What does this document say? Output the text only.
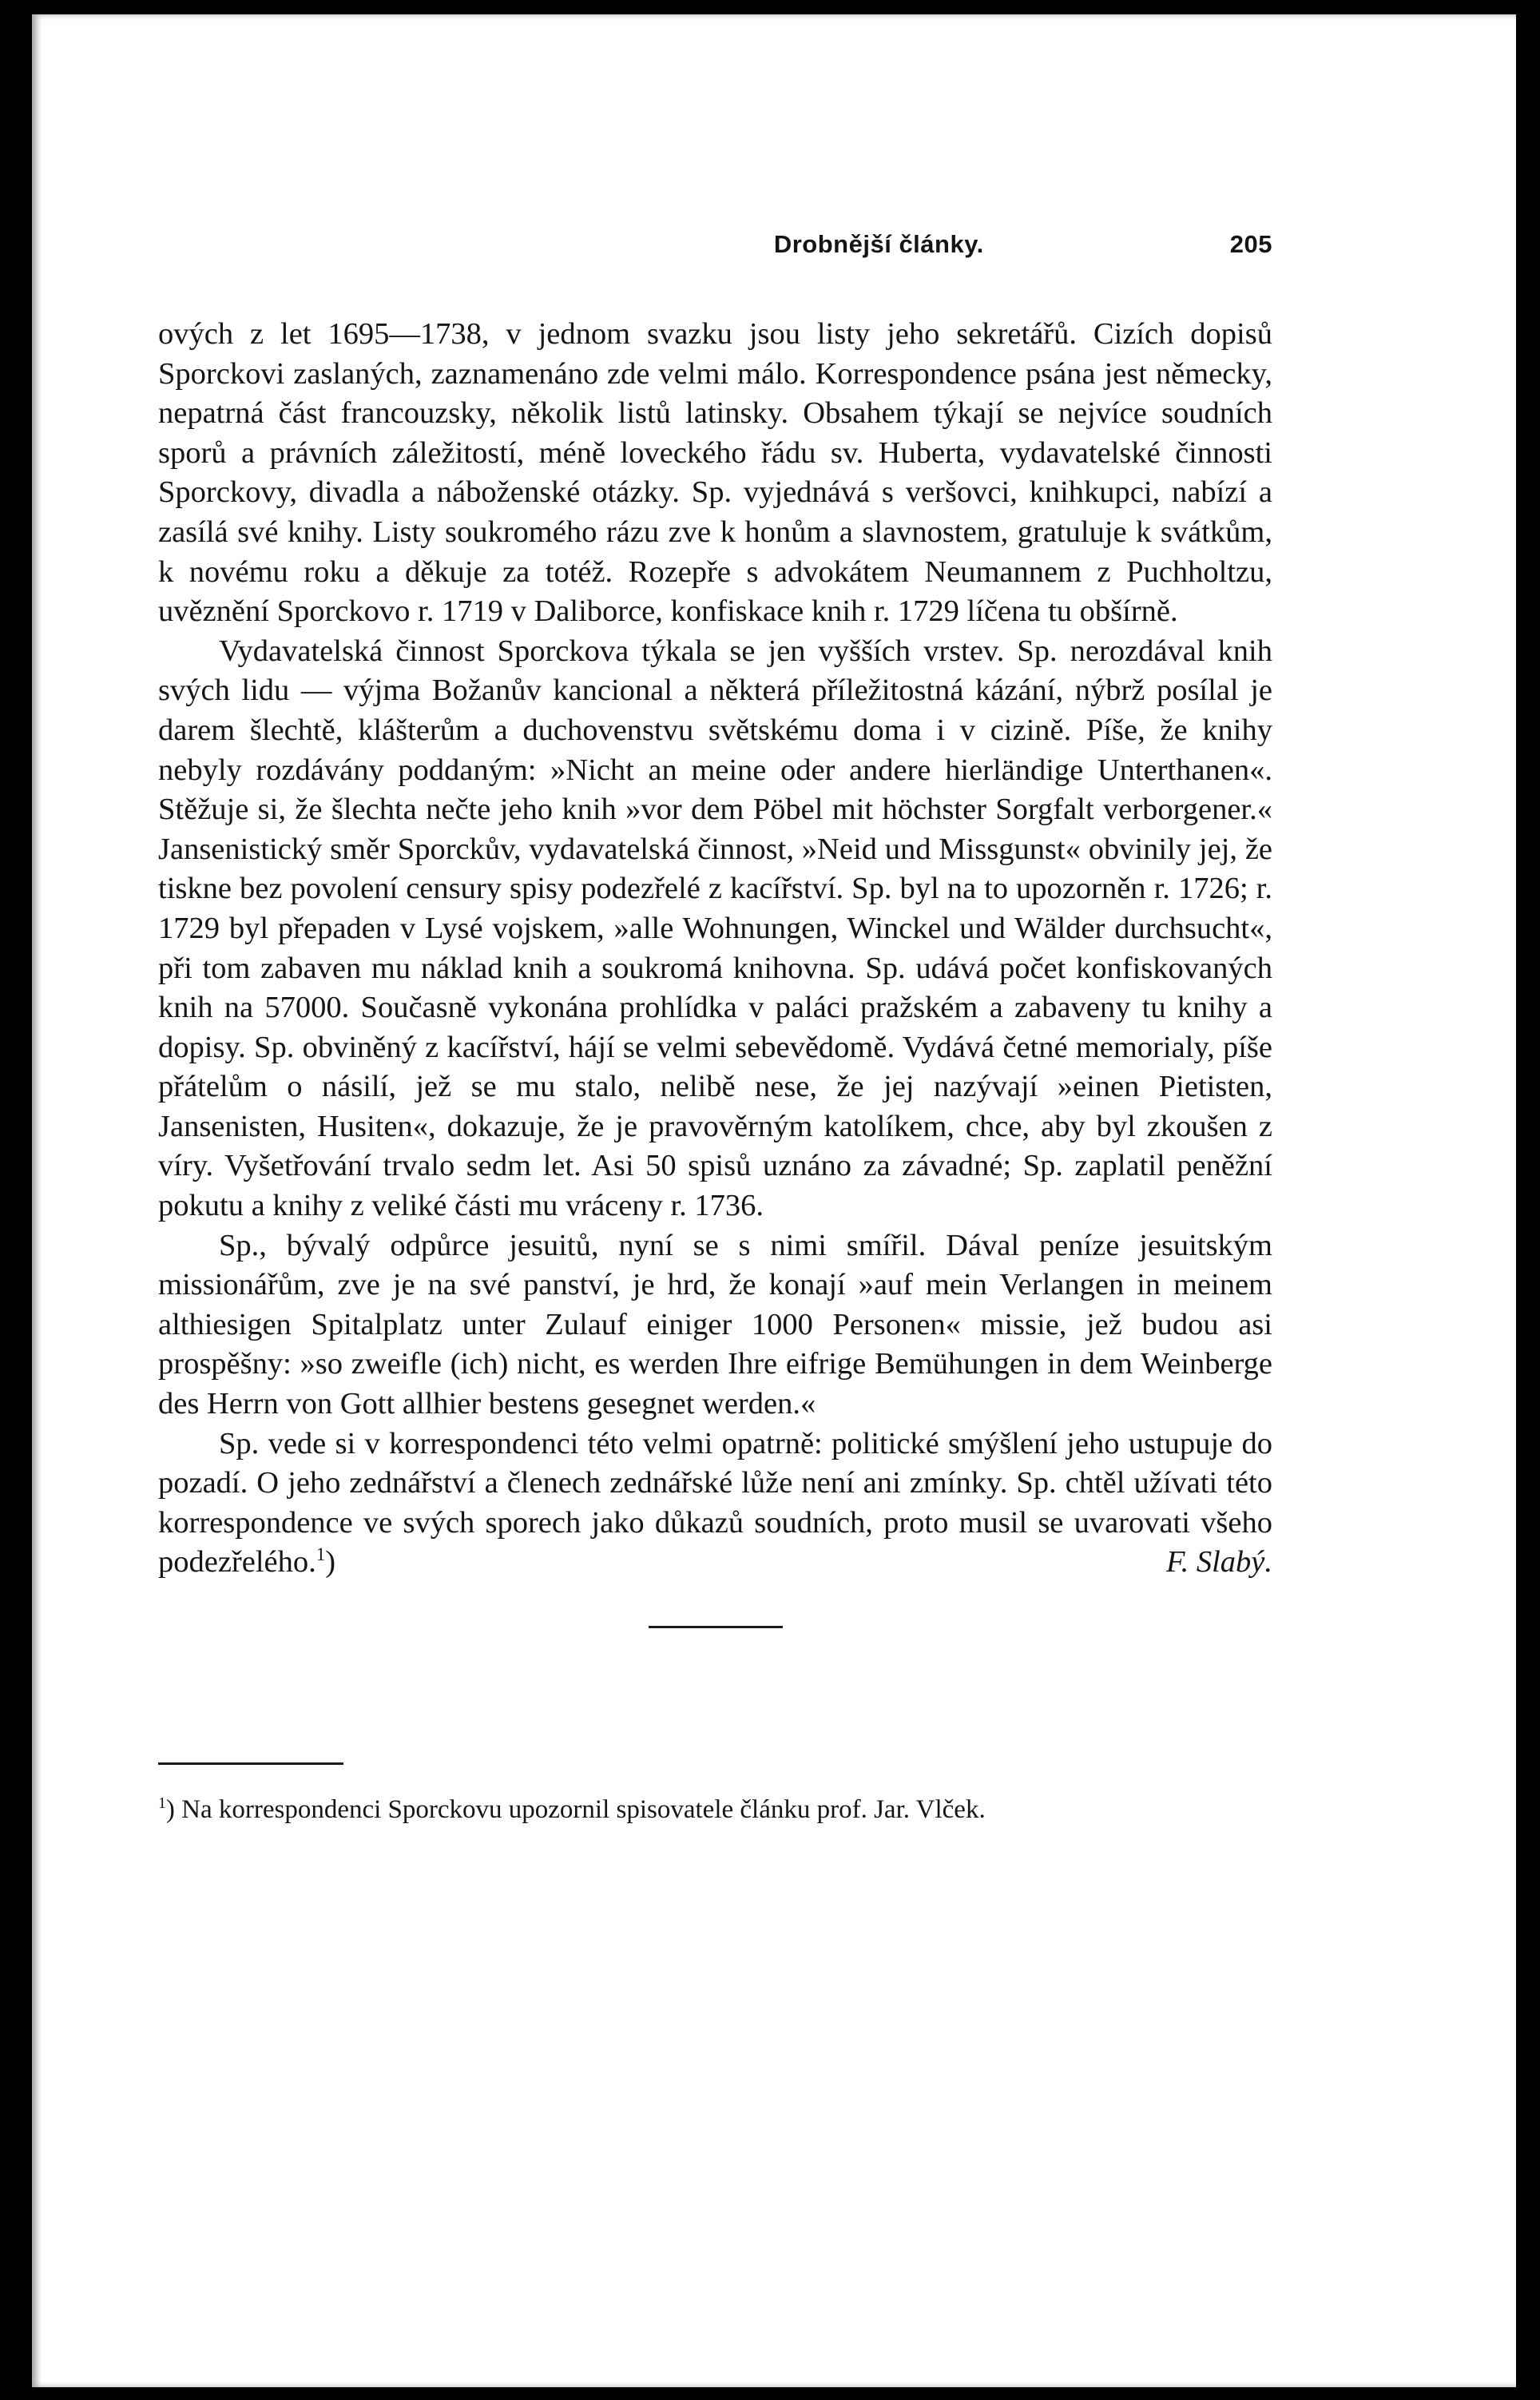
Drobnější články.	205

ových z let 1695—1738, v jednom svazku jsou listy jeho sekretářů. Cizích dopisů Sporckovi zaslaných, zaznamenáno zde velmi málo. Korrespondence psána jest německy, nepatrná část francouzsky, několik listů latinsky. Obsahem týkají se nejvíce soudních sporů a právních záležitostí, méně loveckého řádu sv. Huberta, vydavatelské činnosti Sporckovy, divadla a náboženské otázky. Sp. vyjednává s veršovci, knihkupci, nabízí a zasílá své knihy. Listy soukromého rázu zve k honům a slavnostem, gratuluje k svátkům, k novému roku a děkuje za totéž. Rozepře s advokátem Neumannem z Puchholtzu, uvěznění Sporckovo r. 1719 v Daliborce, konfiskace knih r. 1729 líčena tu obšírně.

Vydavatelská činnost Sporckova týkala se jen vyšších vrstev. Sp. nerozdával knih svých lidu — výjma Božanův kancional a některá příležitostná kázání, nýbrž posílal je darem šlechtě, klášterům a duchovenstvu světskému doma i v cizině. Píše, že knihy nebyly rozdávány poddaným: »Nicht an meine oder andere hierländige Unterthanen«. Stěžuje si, že šlechta nečte jeho knih »vor dem Pöbel mit höchster Sorgfalt verborgener.« Jansenistický směr Sporckův, vydavatelská činnost, »Neid und Missgunst« obvinily jej, že tiskne bez povolení censury spisy podezřelé z kacířství. Sp. byl na to upozorněn r. 1726; r. 1729 byl přepaden v Lysé vojskem, »alle Wohnungen, Winckel und Wälder durchsucht«, při tom zabaven mu náklad knih a soukromá knihovna. Sp. udává počet konfiskovaných knih na 57000. Současně vykonána prohlídka v paláci pražském a zabaveny tu knihy a dopisy. Sp. obviněný z kacířství, hájí se velmi sebevědomě. Vydává četné memorialy, píše přátelům o násilí, jež se mu stalo, nelibě nese, že jej nazývají »einen Pietisten, Jansenisten, Husiten«, dokazuje, že je pravověrným katolíkem, chce, aby byl zkoušen z víry. Vyšetřování trvalo sedm let. Asi 50 spisů uznáno za závadné; Sp. zaplatil peněžní pokutu a knihy z veliké části mu vráceny r. 1736.

Sp., bývalý odpůrce jesuitů, nyní se s nimi smířil. Dával peníze jesuitským missionářům, zve je na své panství, je hrd, že konají »auf mein Verlangen in meinem althiesigen Spitalplatz unter Zulauf einiger 1000 Personen« missie, jež budou asi prospěšny: »so zweifle (ich) nicht, es werden Ihre eifrige Bemühungen in dem Weinberge des Herrn von Gott allhier bestens gesegnet werden.«

Sp. vede si v korrespondenci této velmi opatrně: politické smýšlení jeho ustupuje do pozadí. O jeho zednářství a členech zednářské lůže není ani zmínky. Sp. chtěl užívati této korrespondence ve svých sporech jako důkazů soudních, proto musil se uvarovati všeho podezřelého.$^1$)	F. Slabý.

$^1$) Na korrespondenci Sporckovu upozornil spisovatele článku prof. Jar. Vlček.
